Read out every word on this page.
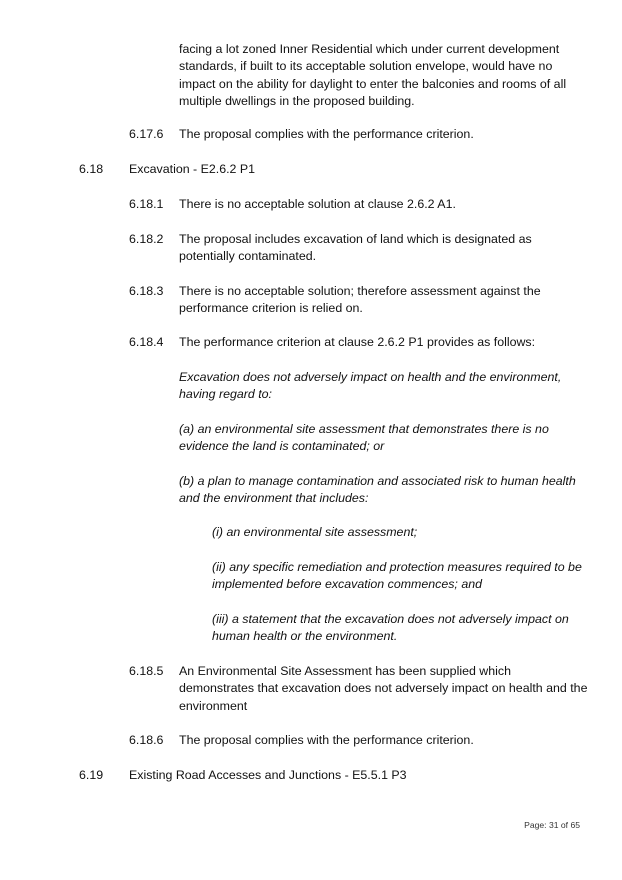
facing a lot zoned Inner Residential which under current development standards, if built to its acceptable solution envelope, would have no impact on the ability for daylight to enter the balconies and rooms of all multiple dwellings in the proposed building.

6.17.6 The proposal complies with the performance criterion.

6.18 Excavation - E2.6.2 P1

6.18.1 There is no acceptable solution at clause 2.6.2 A1.

6.18.2 The proposal includes excavation of land which is designated as potentially contaminated.

6.18.3 There is no acceptable solution; therefore assessment against the performance criterion is relied on.

6.18.4 The performance criterion at clause 2.6.2 P1 provides as follows:

Excavation does not adversely impact on health and the environment, having regard to:

(a) an environmental site assessment that demonstrates there is no evidence the land is contaminated; or

(b) a plan to manage contamination and associated risk to human health and the environment that includes:

(i) an environmental site assessment;

(ii) any specific remediation and protection measures required to be implemented before excavation commences; and

(iii) a statement that the excavation does not adversely impact on human health or the environment.

6.18.5 An Environmental Site Assessment has been supplied which demonstrates that excavation does not adversely impact on health and the environment

6.18.6 The proposal complies with the performance criterion.

6.19 Existing Road Accesses and Junctions - E5.5.1 P3

Page: 31 of 65
